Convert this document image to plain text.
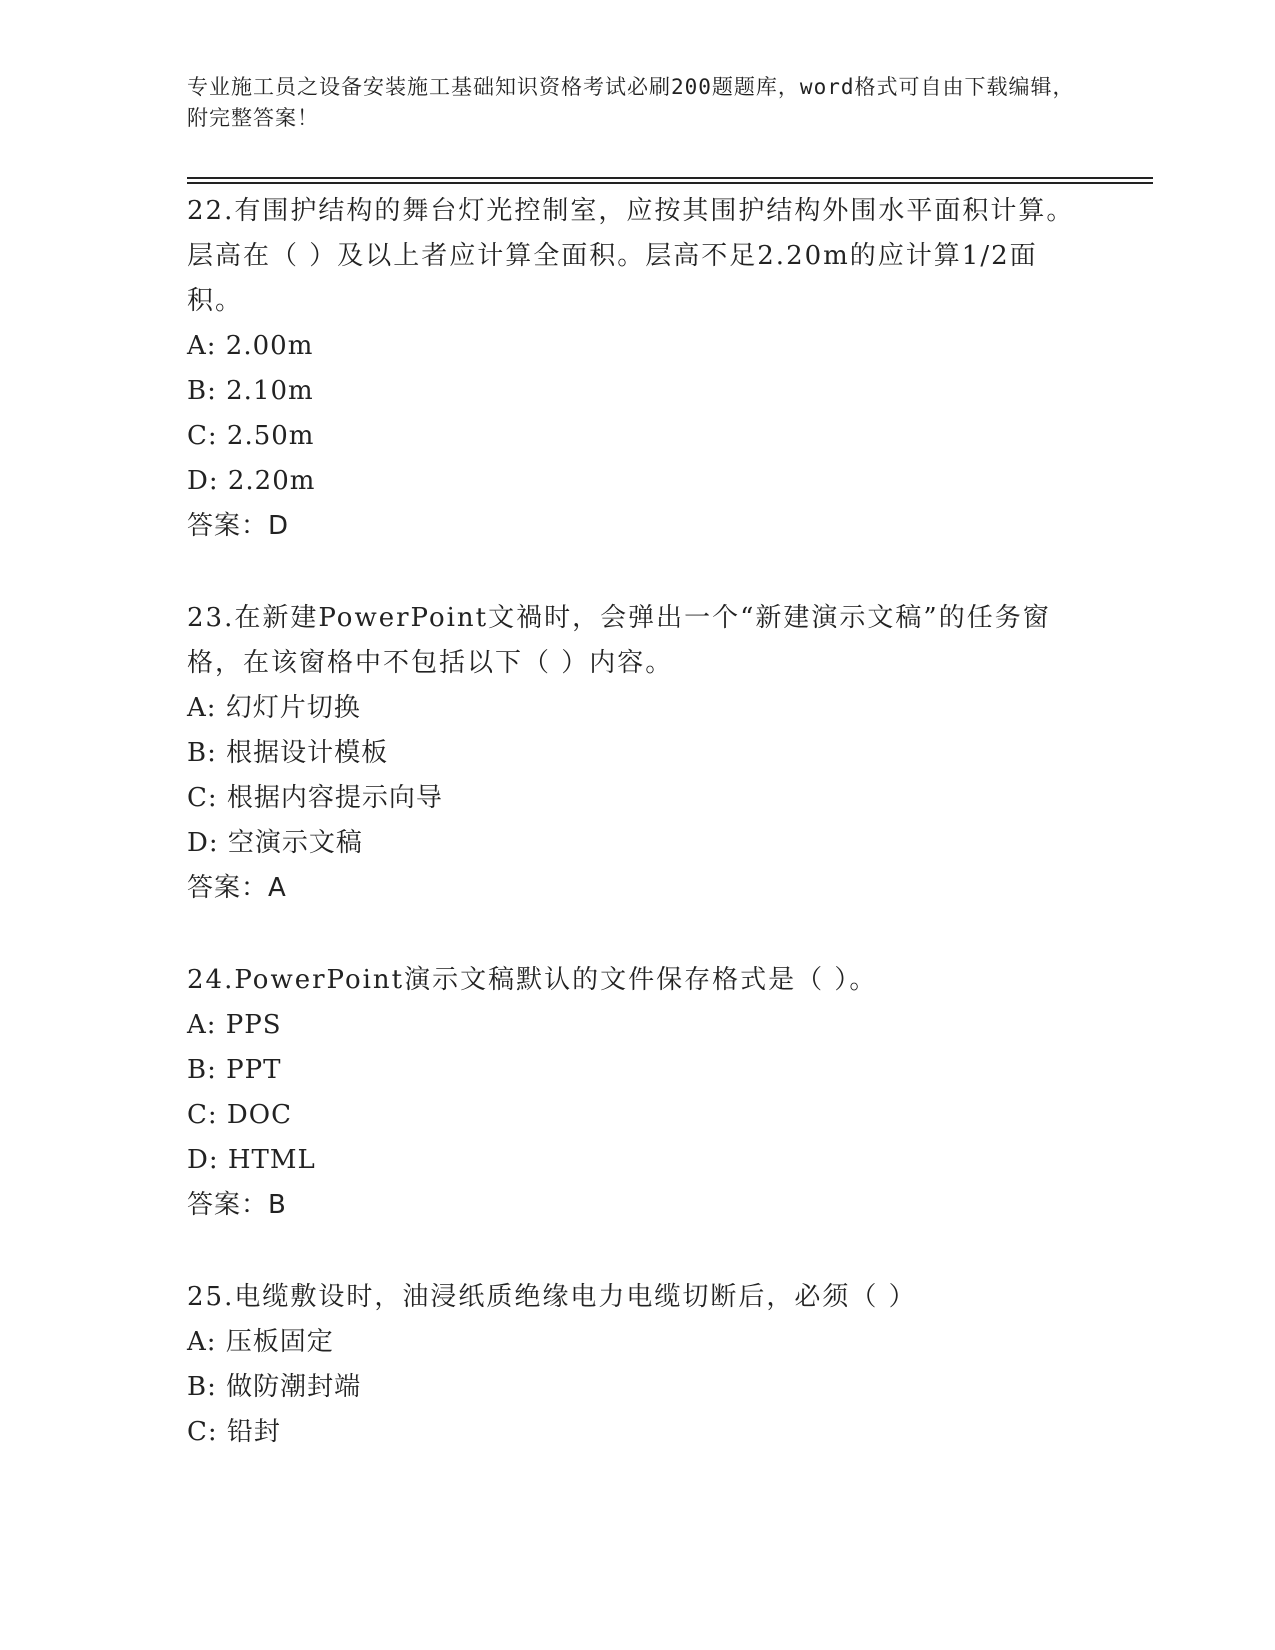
专业施工员之设备安装施工基础知识资格考试必刷200题题库，word格式可自由下载编辑，附完整答案！
22.有围护结构的舞台灯光控制室，应按其围护结构外围水平面积计算。层高在（ ）及以上者应计算全面积。层高不足2.20m的应计算1/2面积。
A: 2.00m
B: 2.10m
C: 2.50m
D: 2.20m
答案：D
23.在新建PowerPoint文禍时，会弹出一个“新建演示文稿”的任务窗格，在该窗格中不包括以下（ ）内容。
A: 幻灯片切换
B: 根据设计模板
C: 根据内容提示向导
D: 空演示文稿
答案：A
24.PowerPoint演示文稿默认的文件保存格式是（ ）。
A: PPS
B: PPT
C: DOC
D: HTML
答案：B
25.电缆敷设时，油浸纸质绝缘电力电缆切断后，必须（ ）
A: 压板固定
B: 做防潮封端
C: 铅封
